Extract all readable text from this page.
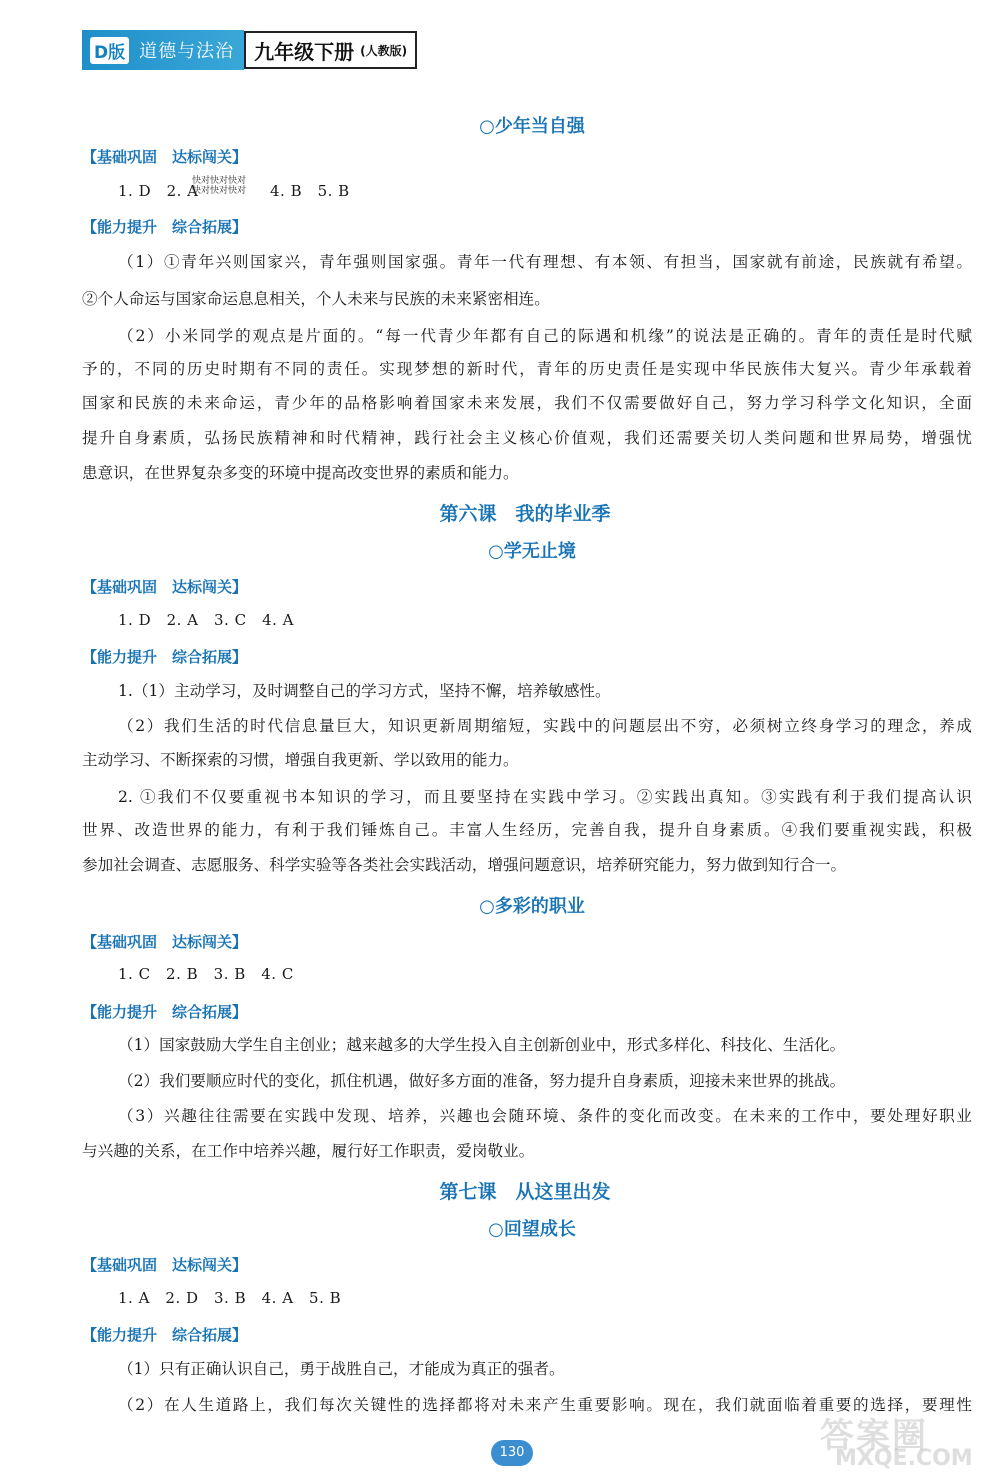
D版 道德与法治 九年级下册 (人教版)
○少年当自强
【基础巩固　达标闯关】
1. D　2. A
快对快对快对
快对快对快对 4. B　5. B
【能力提升　综合拓展】
（1）①青年兴则国家兴，青年强则国家强。青年一代有理想、有本领、有担当，国家就有前途，民族就有希望。
②个人命运与国家命运息息相关，个人未来与民族的未来紧密相连。
（2）小米同学的观点是片面的。“每一代青少年都有自己的际遇和机缘”的说法是正确的。青年的责任是时代赋
予的，不同的历史时期有不同的责任。实现梦想的新时代，青年的历史责任是实现中华民族伟大复兴。青少年承载着
国家和民族的未来命运，青少年的品格影响着国家未来发展，我们不仅需要做好自己，努力学习科学文化知识，全面
提升自身素质，弘扬民族精神和时代精神，践行社会主义核心价值观，我们还需要关切人类问题和世界局势，增强忧
患意识，在世界复杂多变的环境中提高改变世界的素质和能力。
第六课　我的毕业季
○学无止境
【基础巩固　达标闯关】
1. D　2. A　3. C　4. A
【能力提升　综合拓展】
1.（1）主动学习，及时调整自己的学习方式，坚持不懈，培养敏感性。
（2）我们生活的时代信息量巨大，知识更新周期缩短，实践中的问题层出不穷，必须树立终身学习的理念，养成
主动学习、不断探索的习惯，增强自我更新、学以致用的能力。
2. ①我们不仅要重视书本知识的学习，而且要坚持在实践中学习。②实践出真知。③实践有利于我们提高认识
世界、改造世界的能力，有利于我们锤炼自己。丰富人生经历，完善自我，提升自身素质。④我们要重视实践，积极
参加社会调查、志愿服务、科学实验等各类社会实践活动，增强问题意识，培养研究能力，努力做到知行合一。
○多彩的职业
【基础巩固　达标闯关】
1. C　2. B　3. B　4. C
【能力提升　综合拓展】
（1）国家鼓励大学生自主创业；越来越多的大学生投入自主创新创业中，形式多样化、科技化、生活化。
（2）我们要顺应时代的变化，抓住机遇，做好多方面的准备，努力提升自身素质，迎接未来世界的挑战。
（3）兴趣往往需要在实践中发现、培养，兴趣也会随环境、条件的变化而改变。在未来的工作中，要处理好职业
与兴趣的关系，在工作中培养兴趣，履行好工作职责，爱岗敬业。
第七课　从这里出发
○回望成长
【基础巩固　达标闯关】
1. A　2. D　3. B　4. A　5. B
【能力提升　综合拓展】
（1）只有正确认识自己，勇于战胜自己，才能成为真正的强者。
（2）在人生道路上，我们每次关键性的选择都将对未来产生重要影响。现在，我们就面临着重要的选择，要理性
130	答案圈
MXQE.COM
